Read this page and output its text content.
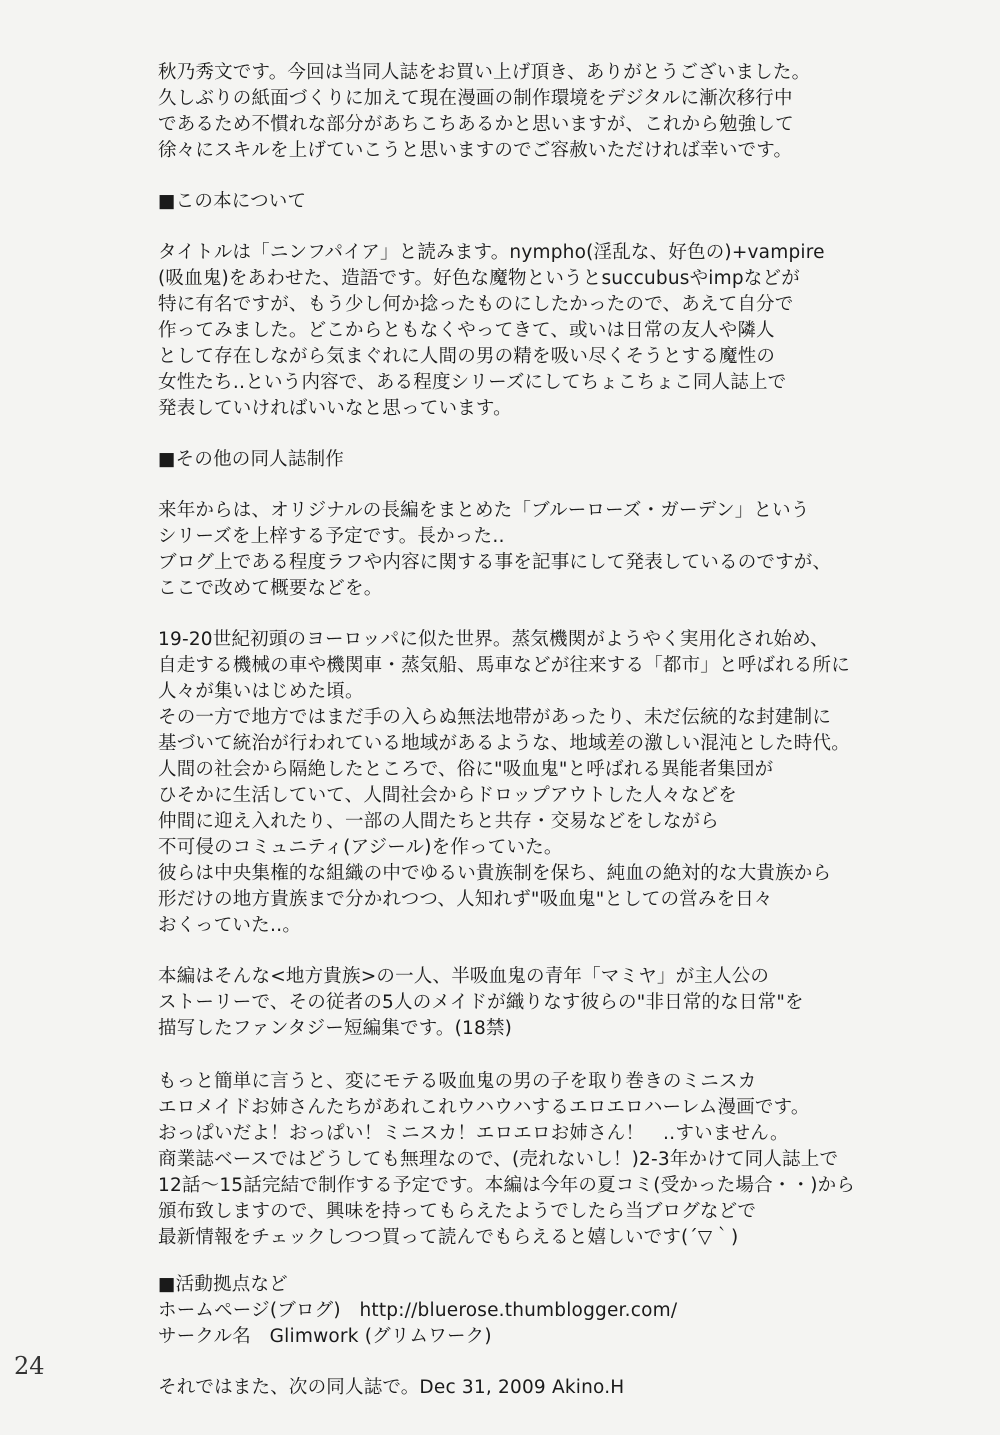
秋乃秀文です。今回は当同人誌をお買い上げ頂き、ありがとうございました。
久しぶりの紙面づくりに加えて現在漫画の制作環境をデジタルに漸次移行中
であるため不慣れな部分があちこちあるかと思いますが、これから勉強して
徐々にスキルを上げていこうと思いますのでご容赦いただければ幸いです。
■この本について
タイトルは「ニンフパイア」と読みます。nympho(淫乱な、好色の)+vampire
(吸血鬼)をあわせた、造語です。好色な魔物というとsuccubusやimpなどが
特に有名ですが、もう少し何か捻ったものにしたかったので、あえて自分で
作ってみました。どこからともなくやってきて、或いは日常の友人や隣人
として存在しながら気まぐれに人間の男の精を吸い尽くそうとする魔性の
女性たち‥という内容で、ある程度シリーズにしてちょこちょこ同人誌上で
発表していければいいなと思っています。
■その他の同人誌制作
来年からは、オリジナルの長編をまとめた「ブルーローズ・ガーデン」という
シリーズを上梓する予定です。長かった‥
ブログ上である程度ラフや内容に関する事を記事にして発表しているのですが、
ここで改めて概要などを。
19-20世紀初頭のヨーロッパに似た世界。蒸気機関がようやく実用化され始め、
自走する機械の車や機関車・蒸気船、馬車などが往来する「都市」と呼ばれる所に
人々が集いはじめた頃。
その一方で地方ではまだ手の入らぬ無法地帯があったり、未だ伝統的な封建制に
基づいて統治が行われている地域があるような、地域差の激しい混沌とした時代。
人間の社会から隔絶したところで、俗に"吸血鬼"と呼ばれる異能者集団が
ひそかに生活していて、人間社会からドロップアウトした人々などを
仲間に迎え入れたり、一部の人間たちと共存・交易などをしながら
不可侵のコミュニティ(アジール)を作っていた。
彼らは中央集権的な組織の中でゆるい貴族制を保ち、純血の絶対的な大貴族から
形だけの地方貴族まで分かれつつ、人知れず"吸血鬼"としての営みを日々
おくっていた‥。
本編はそんな<地方貴族>の一人、半吸血鬼の青年「マミヤ」が主人公の
ストーリーで、その従者の5人のメイドが織りなす彼らの"非日常的な日常"を
描写したファンタジー短編集です。(18禁)
もっと簡単に言うと、変にモテる吸血鬼の男の子を取り巻きのミニスカ
エロメイドお姉さんたちがあれこれウハウハするエロエロハーレム漫画です。
おっぱいだよ！おっぱい！ミニスカ！エロエロお姉さん！　‥すいません。
商業誌ベースではどうしても無理なので、(売れないし！)2-3年かけて同人誌上で
12話～15話完結で制作する予定です。本編は今年の夏コミ(受かった場合・・)から
頒布致しますので、興味を持ってもらえたようでしたら当ブログなどで
最新情報をチェックしつつ買って読んでもらえると嬉しいです(´▽｀)
■活動拠点など
ホームページ(ブログ)　http://bluerose.thumblogger.com/
サークル名　Glimwork (グリムワーク)
それではまた、次の同人誌で。Dec 31, 2009 Akino.H
24
